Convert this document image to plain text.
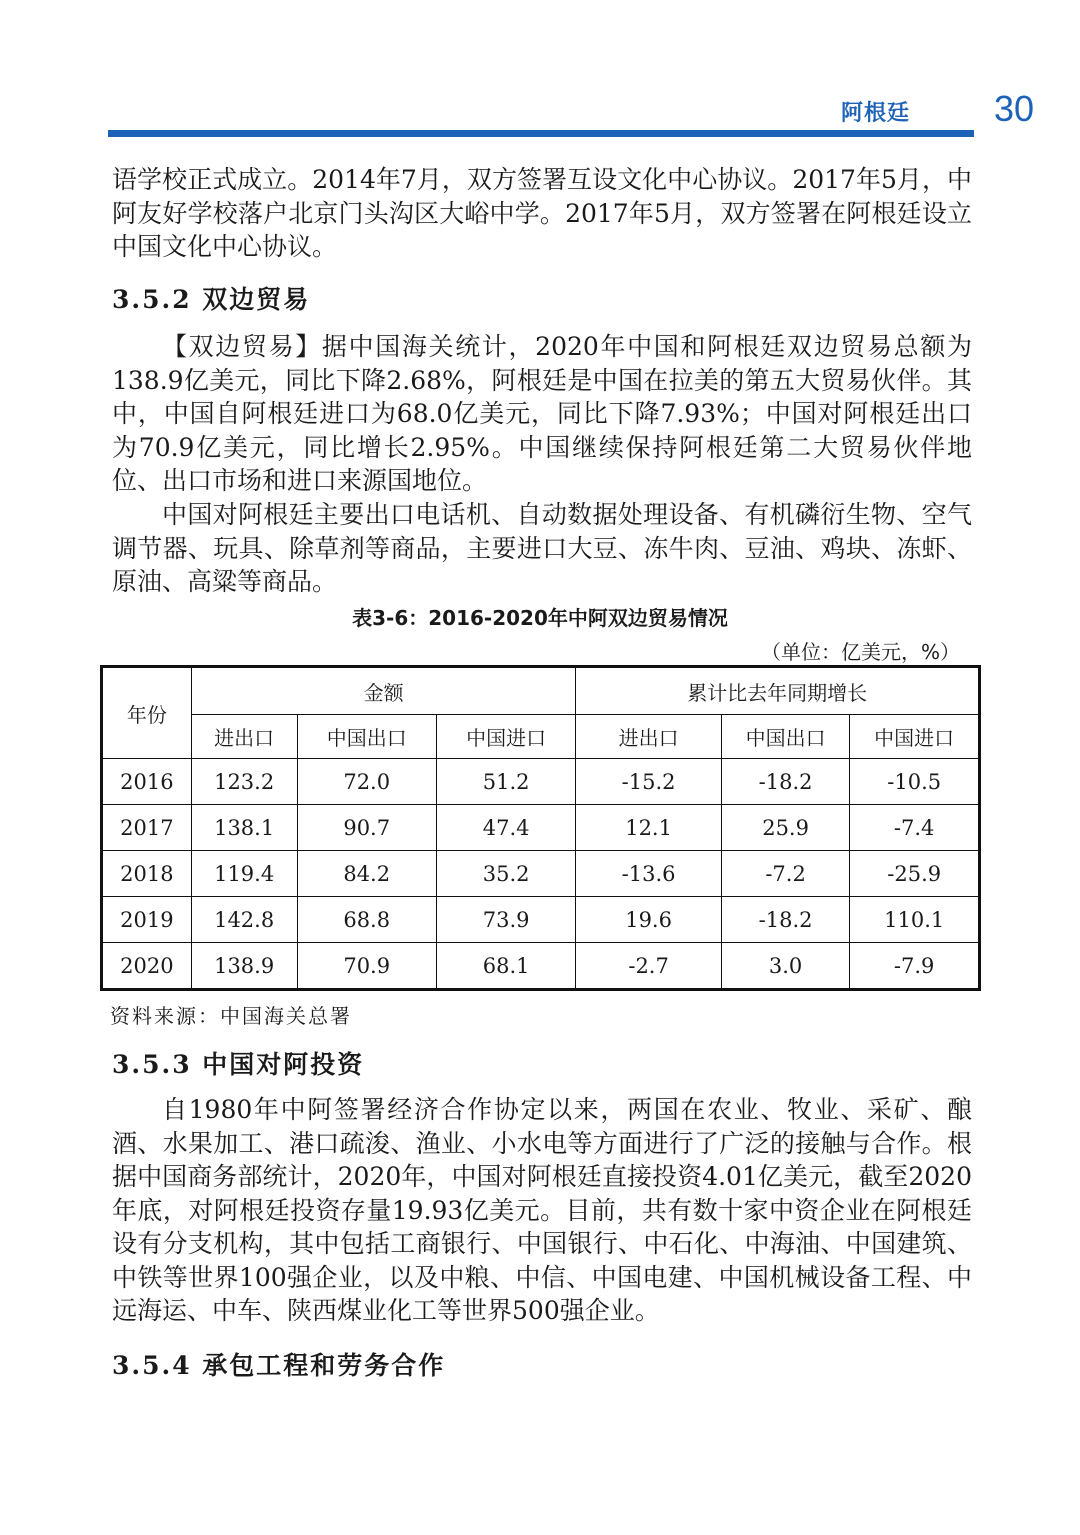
阿根廷 30

语学校正式成立。2014年7月，双方签署互设文化中心协议。2017年5月，中阿友好学校落户北京门头沟区大峪中学。2017年5月，双方签署在阿根廷设立中国文化中心协议。

3.5.2 双边贸易

【双边贸易】据中国海关统计，2020年中国和阿根廷双边贸易总额为138.9亿美元，同比下降2.68%，阿根廷是中国在拉美的第五大贸易伙伴。其中，中国自阿根廷进口为68.0亿美元，同比下降7.93%；中国对阿根廷出口为70.9亿美元，同比增长2.95%。中国继续保持阿根廷第二大贸易伙伴地位、出口市场和进口来源国地位。

中国对阿根廷主要出口电话机、自动数据处理设备、有机磷衍生物、空气调节器、玩具、除草剂等商品，主要进口大豆、冻牛肉、豆油、鸡块、冻虾、原油、高粱等商品。

表3-6：2016-2020年中阿双边贸易情况
（单位：亿美元，%）
年份	金额			累计比去年同期增长		
	进出口	中国出口	中国进口	进出口	中国出口	中国进口
2016	123.2	72.0	51.2	-15.2	-18.2	-10.5
2017	138.1	90.7	47.4	12.1	25.9	-7.4
2018	119.4	84.2	35.2	-13.6	-7.2	-25.9
2019	142.8	68.8	73.9	19.6	-18.2	110.1
2020	138.9	70.9	68.1	-2.7	3.0	-7.9
资料来源：中国海关总署
3.5.3 中国对阿投资

自1980年中阿签署经济合作协定以来，两国在农业、牧业、采矿、酿酒、水果加工、港口疏浚、渔业、小水电等方面进行了广泛的接触与合作。根据中国商务部统计，2020年，中国对阿根廷直接投资4.01亿美元，截至2020年底，对阿根廷投资存量19.93亿美元。目前，共有数十家中资企业在阿根廷设有分支机构，其中包括工商银行、中国银行、中石化、中海油、中国建筑、中铁等世界100强企业，以及中粮、中信、中国电建、中国机械设备工程、中远海运、中车、陕西煤业化工等世界500强企业。

3.5.4 承包工程和劳务合作
